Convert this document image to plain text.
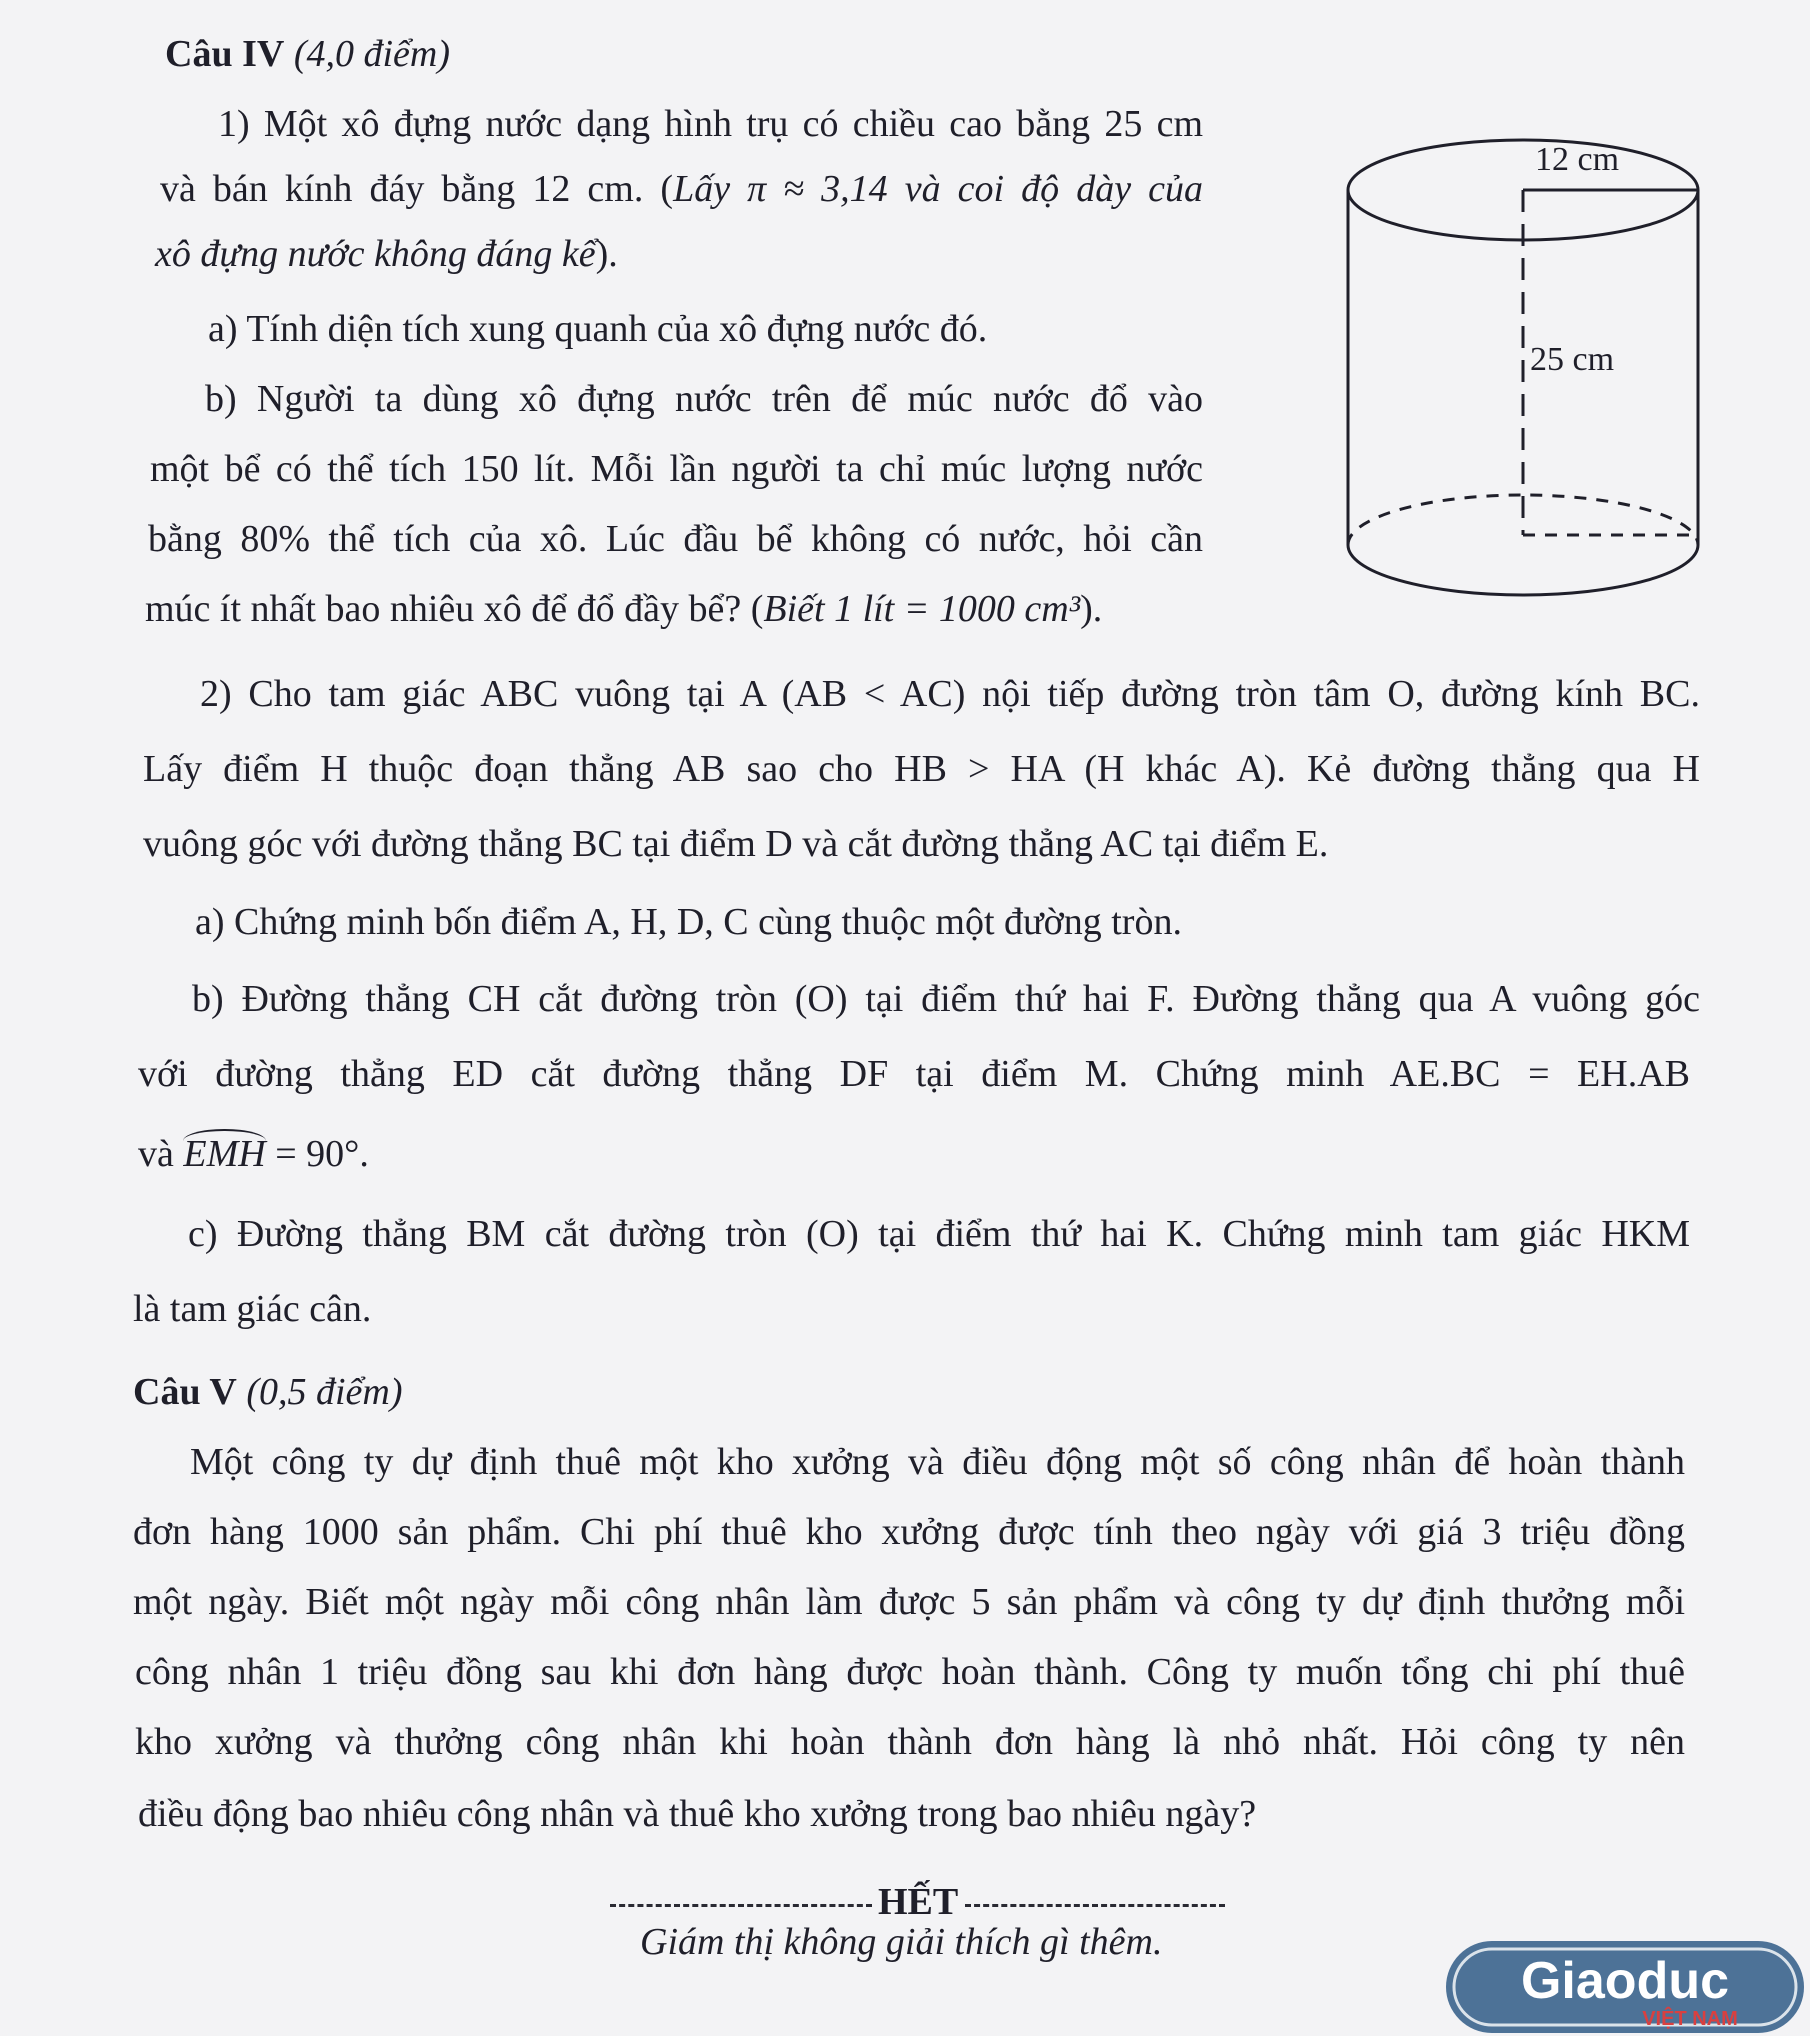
Câu IV (4,0 điểm)
1) Một xô đựng nước dạng hình trụ có chiều cao bằng 25 cm
và bán kính đáy bằng 12 cm. (Lấy π ≈ 3,14 và coi độ dày của
xô đựng nước không đáng kể).
a) Tính diện tích xung quanh của xô đựng nước đó.
b) Người ta dùng xô đựng nước trên để múc nước đổ vào
một bể có thể tích 150 lít. Mỗi lần người ta chỉ múc lượng nước
bằng 80% thể tích của xô. Lúc đầu bể không có nước, hỏi cần
múc ít nhất bao nhiêu xô để đổ đầy bể? (Biết 1 lít = 1000 cm³).
12 cm
25 cm
2) Cho tam giác ABC vuông tại A (AB < AC) nội tiếp đường tròn tâm O, đường kính BC.
Lấy điểm H thuộc đoạn thẳng AB sao cho HB > HA (H khác A). Kẻ đường thẳng qua H
vuông góc với đường thẳng BC tại điểm D và cắt đường thẳng AC tại điểm E.
a) Chứng minh bốn điểm A, H, D, C cùng thuộc một đường tròn.
b) Đường thẳng CH cắt đường tròn (O) tại điểm thứ hai F. Đường thẳng qua A vuông góc
với đường thẳng ED cắt đường thẳng DF tại điểm M. Chứng minh AE.BC = EH.AB
và EMH = 90°.
c) Đường thẳng BM cắt đường tròn (O) tại điểm thứ hai K. Chứng minh tam giác HKM
là tam giác cân.
Câu V (0,5 điểm)
Một công ty dự định thuê một kho xưởng và điều động một số công nhân để hoàn thành
đơn hàng 1000 sản phẩm. Chi phí thuê kho xưởng được tính theo ngày với giá 3 triệu đồng
một ngày. Biết một ngày mỗi công nhân làm được 5 sản phẩm và công ty dự định thưởng mỗi
công nhân 1 triệu đồng sau khi đơn hàng được hoàn thành. Công ty muốn tổng chi phí thuê
kho xưởng và thưởng công nhân khi hoàn thành đơn hàng là nhỏ nhất. Hỏi công ty nên
điều động bao nhiêu công nhân và thuê kho xưởng trong bao nhiêu ngày?
HẾT
Giám thị không giải thích gì thêm.
Giaoduc
VIỆT NAM
